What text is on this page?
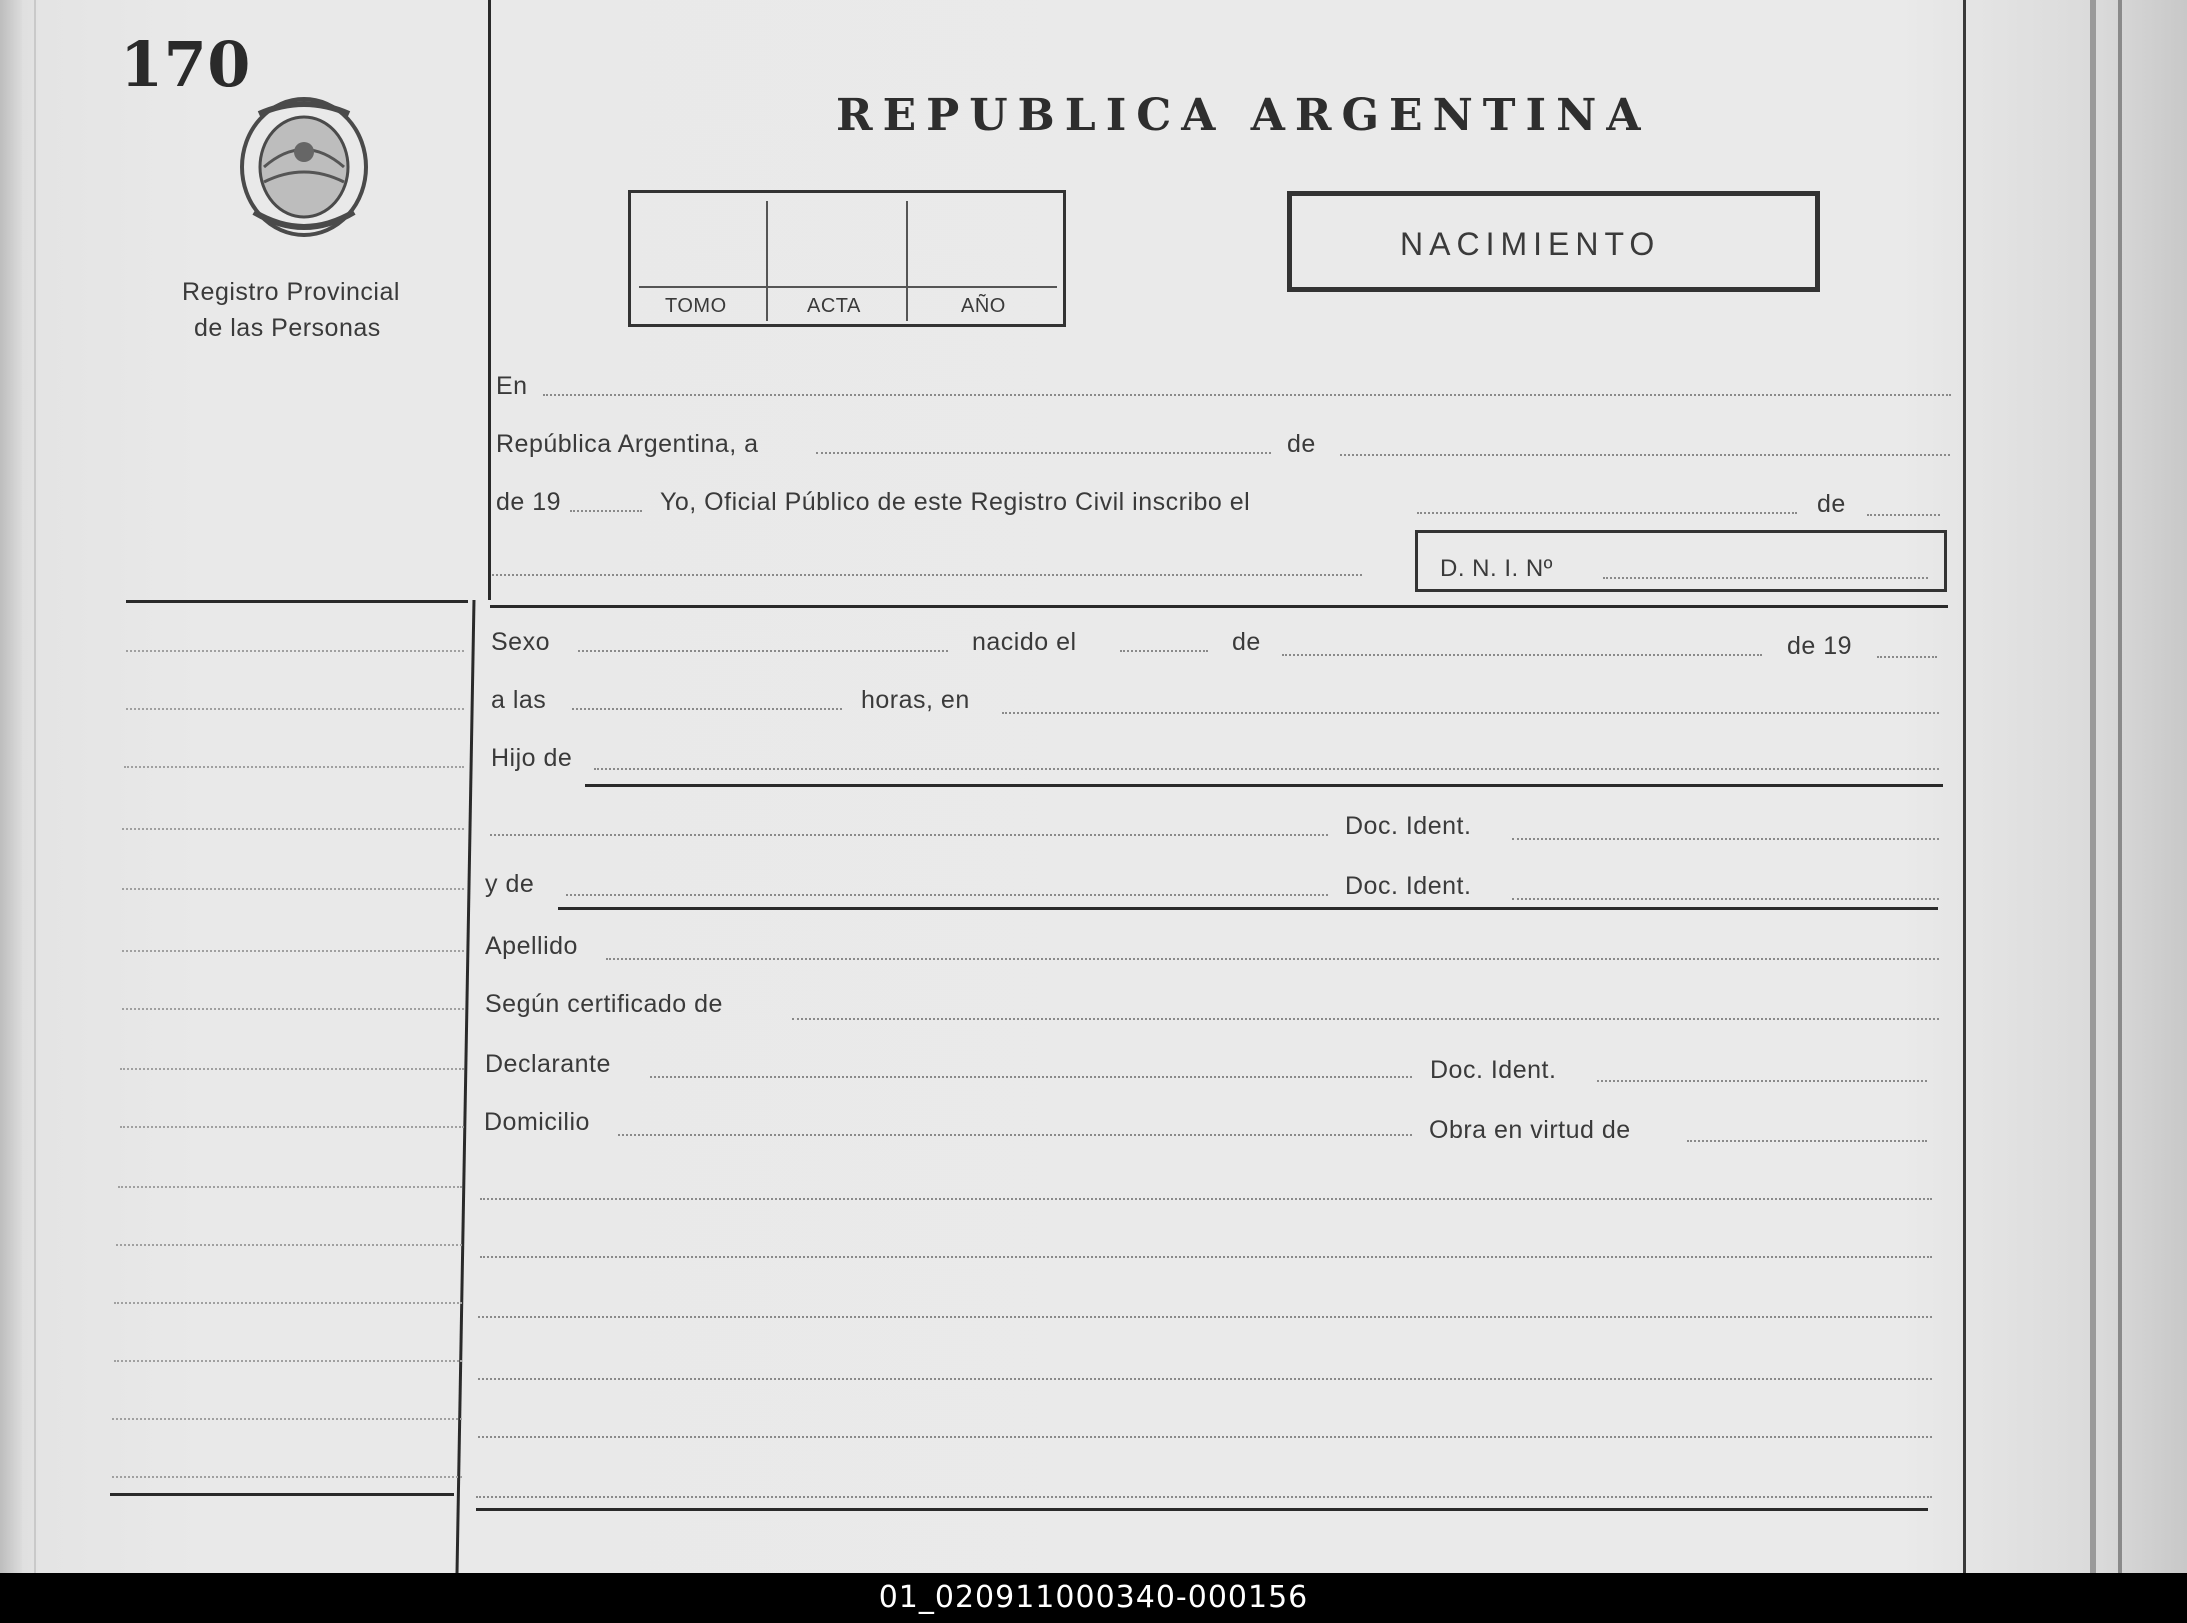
170
Registro Provincial
de las Personas
REPUBLICA ARGENTINA
TOMO	ACTA	AÑO
NACIMIENTO
En
República Argentina, a	de
de 19	Yo, Oficial Público de este Registro Civil inscribo el	de
D. N. I. Nº
Sexo	nacido el	de	de 19
a las	horas, en
Hijo de
Doc. Ident.
y de	Doc. Ident.
Apellido
Según certificado de
Declarante	Doc. Ident.
Domicilio	Obra en virtud de
01_020911000340-000156
